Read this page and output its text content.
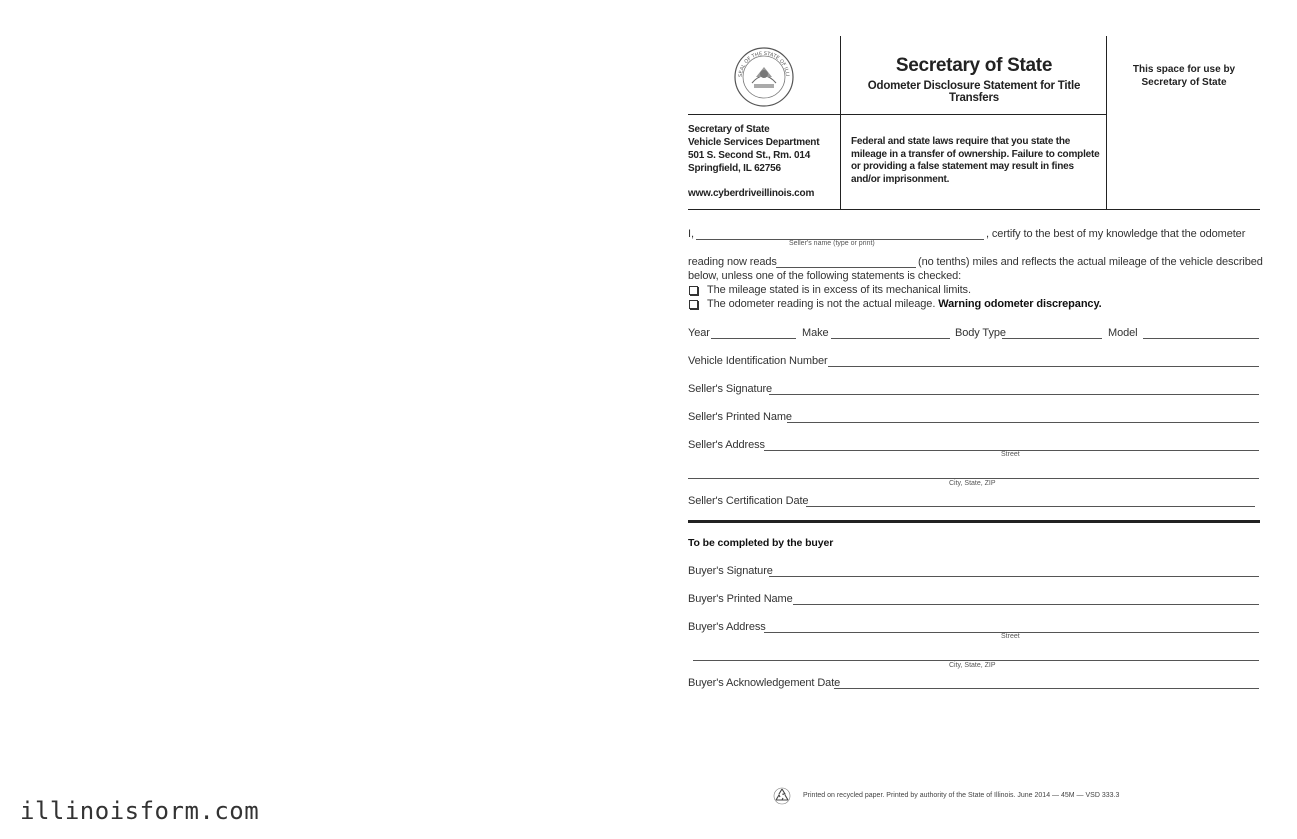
SEAL OF THE STATE OF ILLI	Secretary of State
Odometer Disclosure Statement for Title Transfers
This space for use by Secretary of State
Secretary of State
Vehicle Services Department
501 S. Second St., Rm. 014
Springfield, IL 62756
www.cyberdriveillinois.com
Federal and state laws require that you state the mileage in a transfer of ownership. Failure to complete or providing a false statement may result in fines and/or imprisonment.
I,
Seller's name (type or print)
, certify to the best of my knowledge that the odometer
reading now reads	(no tenths) miles and reflects the actual mileage of the vehicle described
below, unless one of the following statements is checked:
The mileage stated is in excess of its mechanical limits.
The odometer reading is not the actual mileage. Warning odometer discrepancy.
Year	Make	Body Type	Model
Vehicle Identification Number
Seller's Signature
Seller's Printed Name
Seller's Address
Street
City, State, ZIP
Seller's Certification Date
To be completed by the buyer
Buyer's Signature
Buyer's Printed Name
Buyer's Address
Street
City, State, ZIP
Buyer's Acknowledgement Date
Printed on recycled paper. Printed by authority of the State of Illinois. June 2014 — 45M — VSD 333.3
illinoisform.com
